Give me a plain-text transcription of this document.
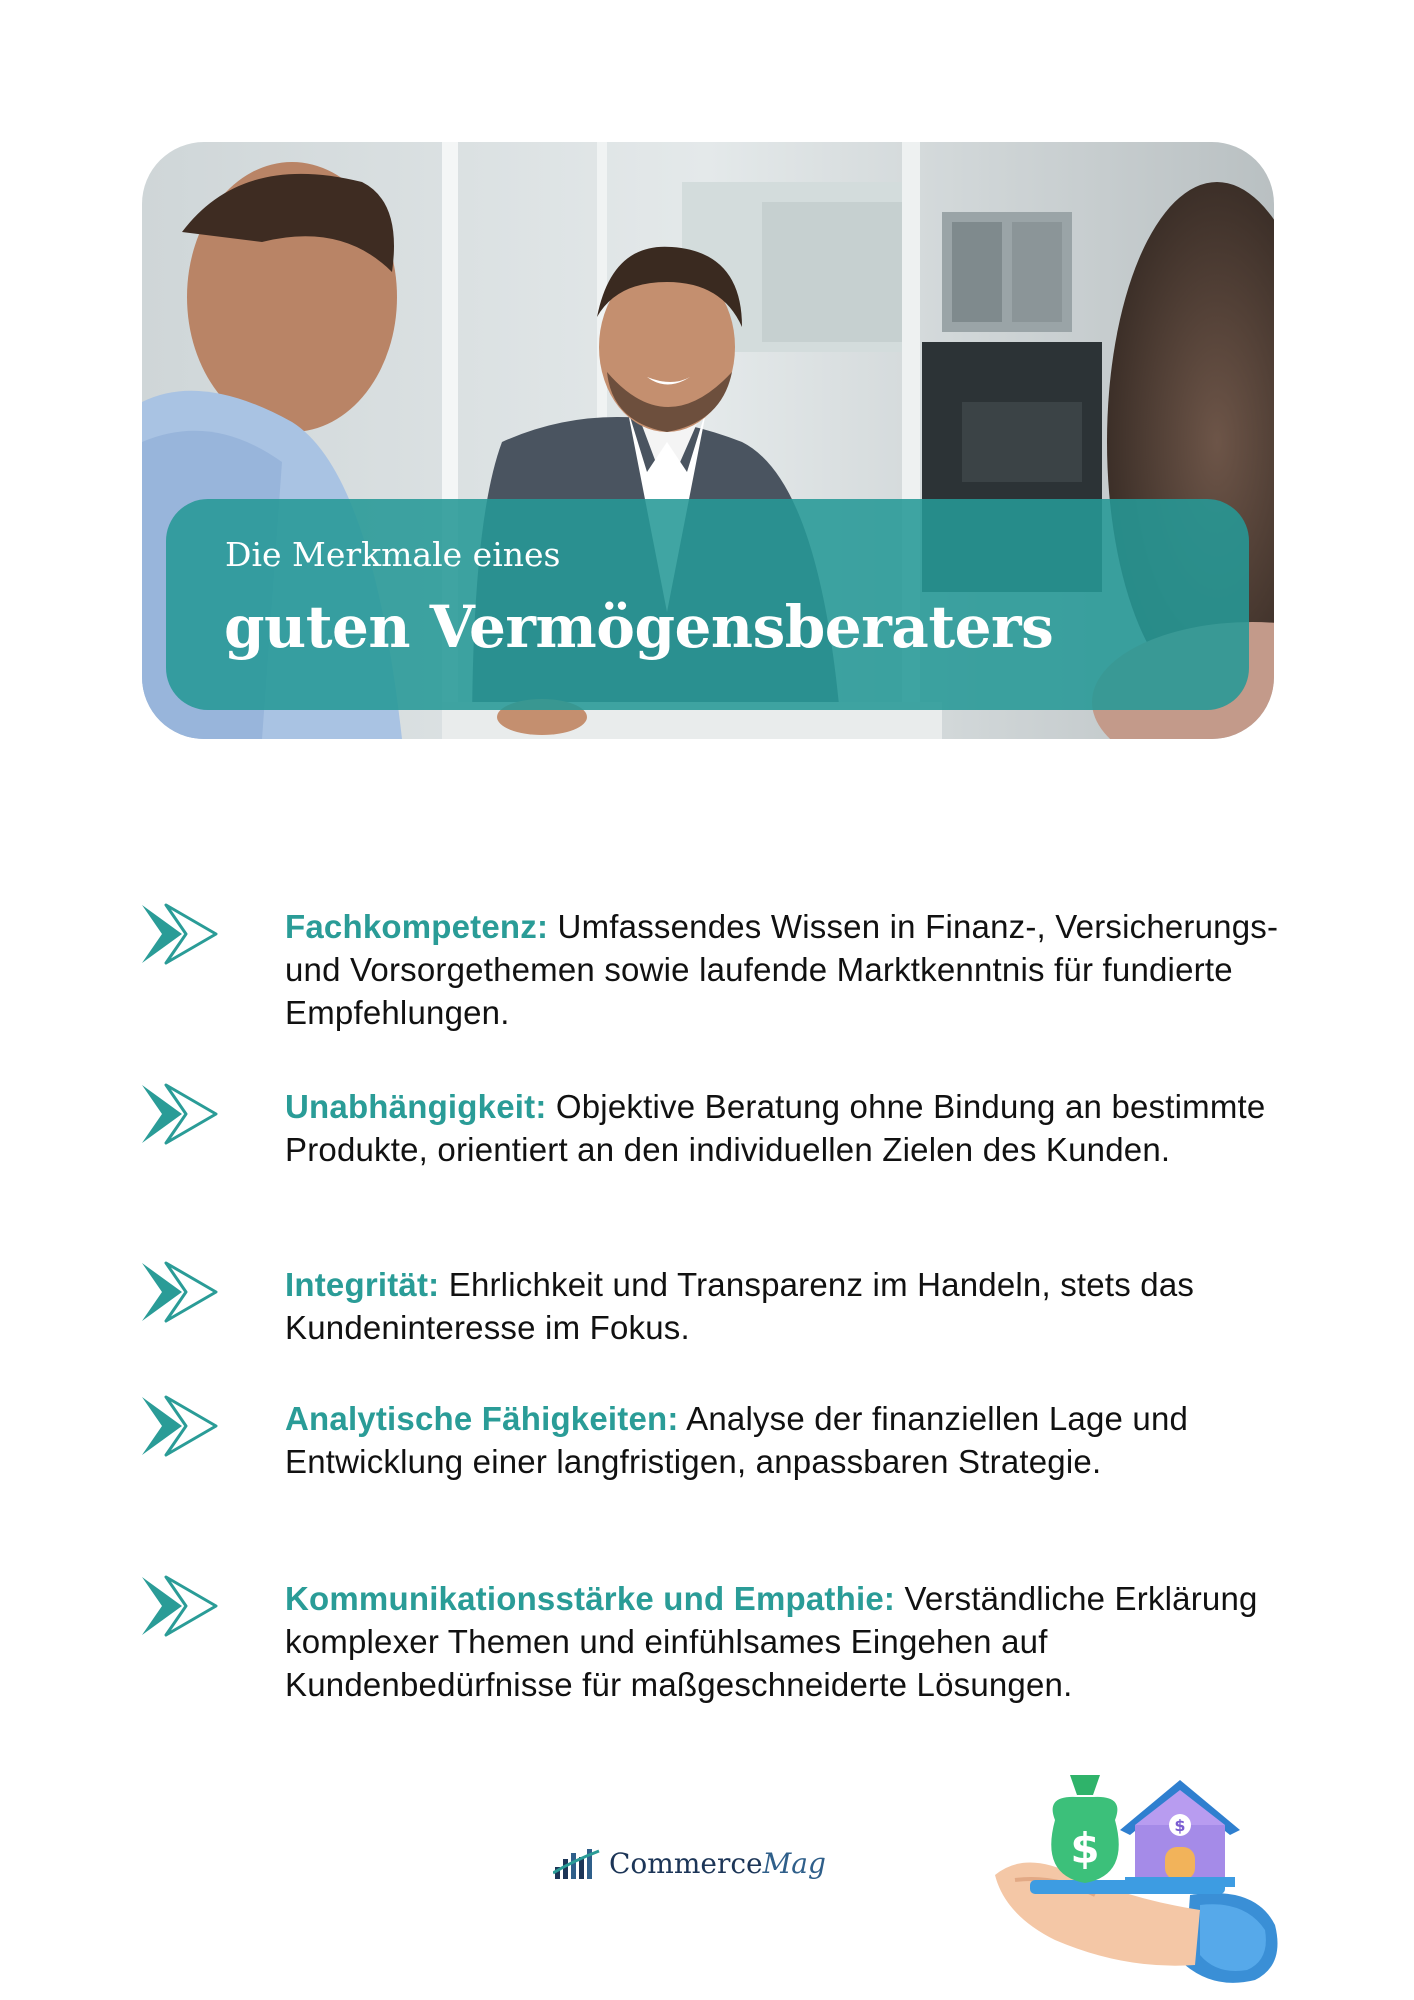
Die Merkmale eines
guten Vermögensberaters

Fachkompetenz: Umfassendes Wissen in Finanz-, Versicherungs- und Vorsorgethemen sowie laufende Marktkenntnis für fundierte Empfehlungen.

Unabhängigkeit: Objektive Beratung ohne Bindung an bestimmte Produkte, orientiert an den individuellen Zielen des Kunden.

Integrität: Ehrlichkeit und Transparenz im Handeln, stets das Kundeninteresse im Fokus.

Analytische Fähigkeiten: Analyse der finanziellen Lage und Entwicklung einer langfristigen, anpassbaren Strategie.

Kommunikationsstärke und Empathie: Verständliche Erklärung komplexer Themen und einfühlsames Eingehen auf Kundenbedürfnisse für maßgeschneiderte Lösungen.

CommerceMag	$	$
